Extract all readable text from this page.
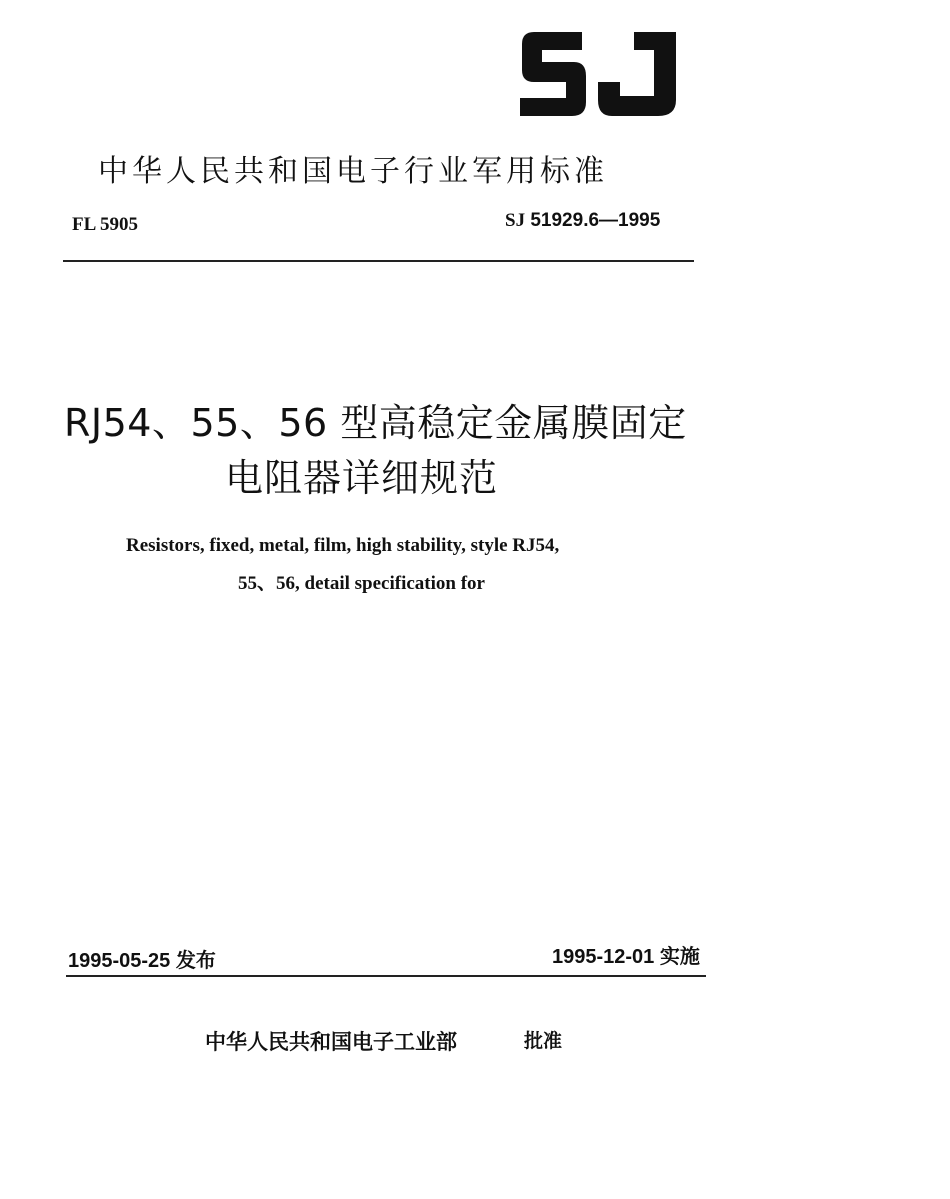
中华人民共和国电子行业军用标准
FL 5905	SJ 51929.6—1995
RJ54、55、56 型高稳定金属膜固定
电阻器详细规范
Resistors, fixed, metal, film, high stability, style RJ54,
55、56, detail specification for
1995-05-25 发布	1995-12-01 实施
中华人民共和国电子工业部	批准
